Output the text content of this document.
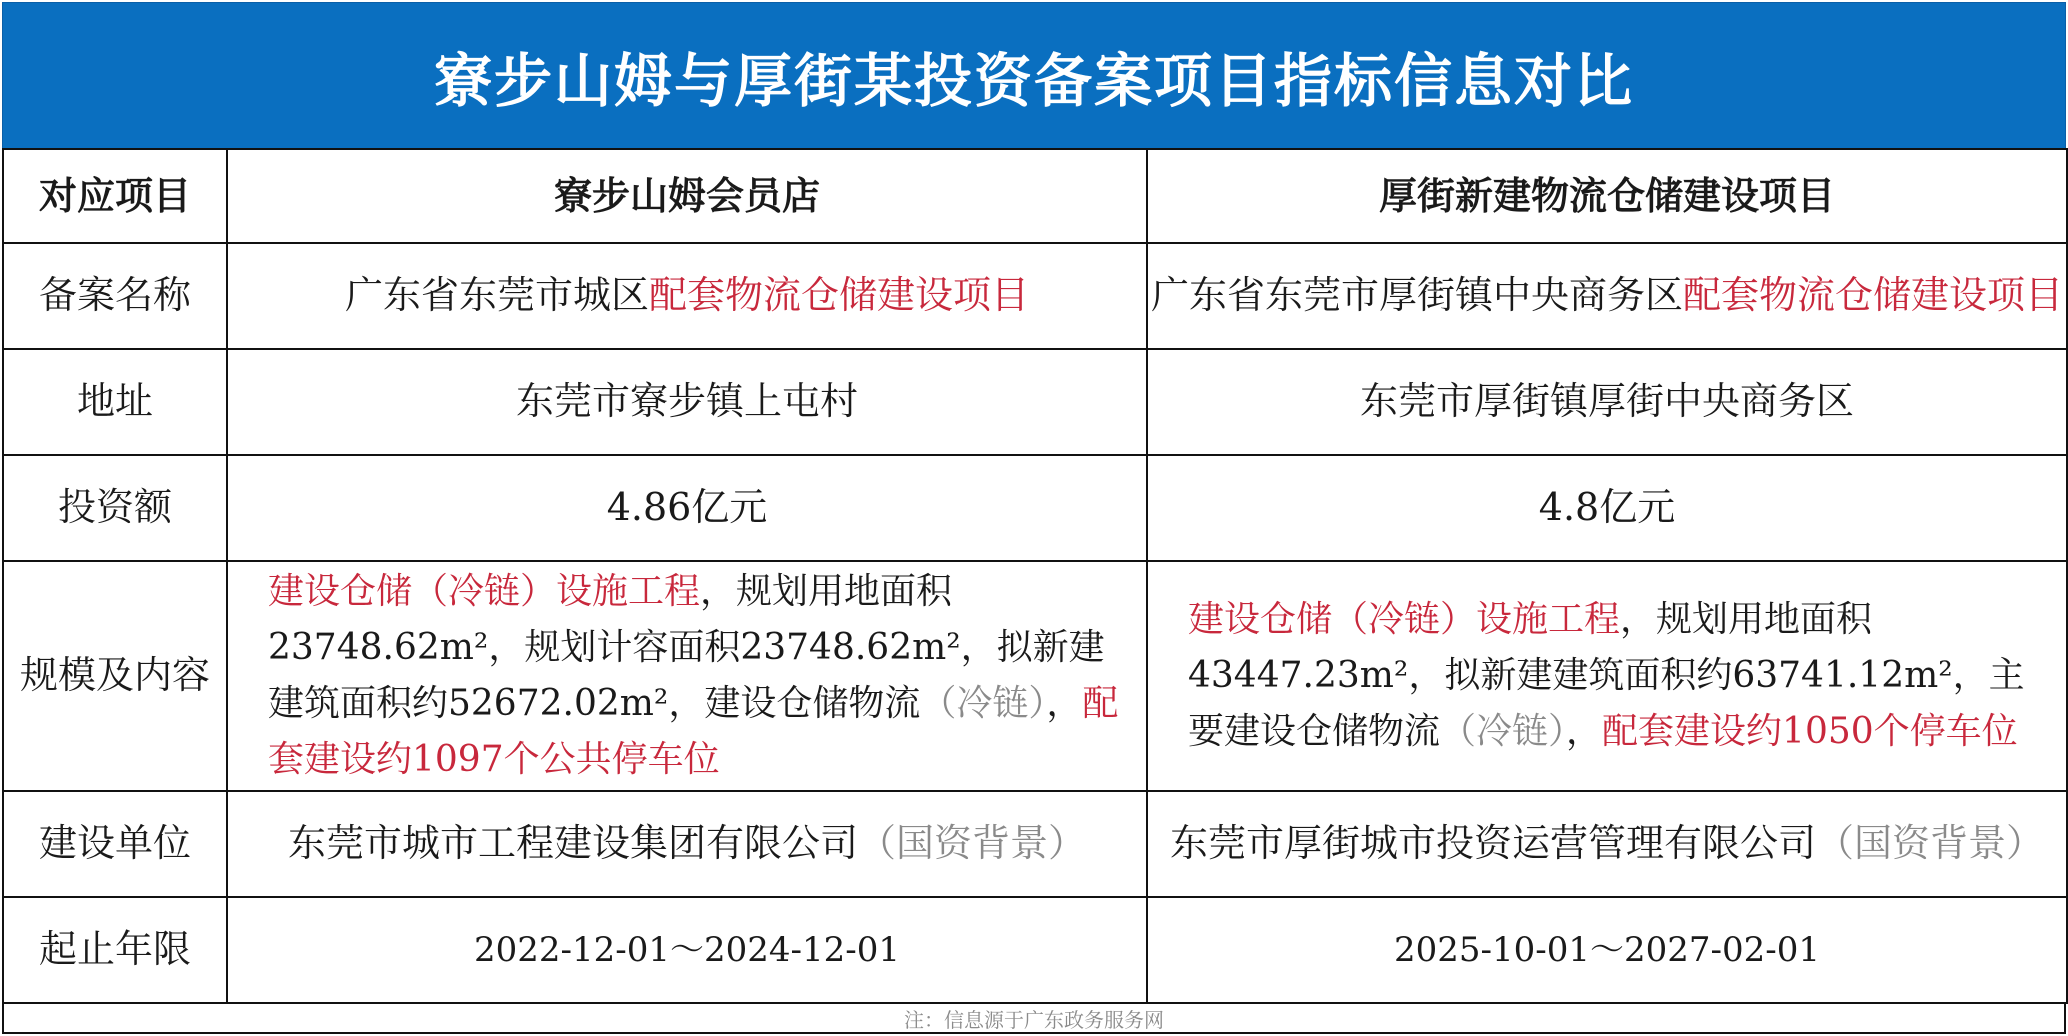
寮步山姆与厚街某投资备案项目指标信息对比
对应项目	寮步山姆会员店	厚街新建物流仓储建设项目
备案名称	广东省东莞市城区配套物流仓储建设项目	广东省东莞市厚街镇中央商务区配套物流仓储建设项目
地址	东莞市寮步镇上屯村	东莞市厚街镇厚街中央商务区
投资额	4.86亿元	4.8亿元
规模及内容	建设仓储（冷链）设施工程，规划用地面积23748.62m²，规划计容面积23748.62m²，拟新建建筑面积约52672.02m²，建设仓储物流（冷链），配套建设约1097个公共停车位	建设仓储（冷链）设施工程，规划用地面积43447.23m²，拟新建建筑面积约63741.12m²，主要建设仓储物流（冷链），配套建设约1050个停车位
建设单位	东莞市城市工程建设集团有限公司（国资背景）	东莞市厚街城市投资运营管理有限公司（国资背景）
起止年限	2022-12-01～2024-12-01	2025-10-01～2027-02-01
注：信息源于广东政务服务网
